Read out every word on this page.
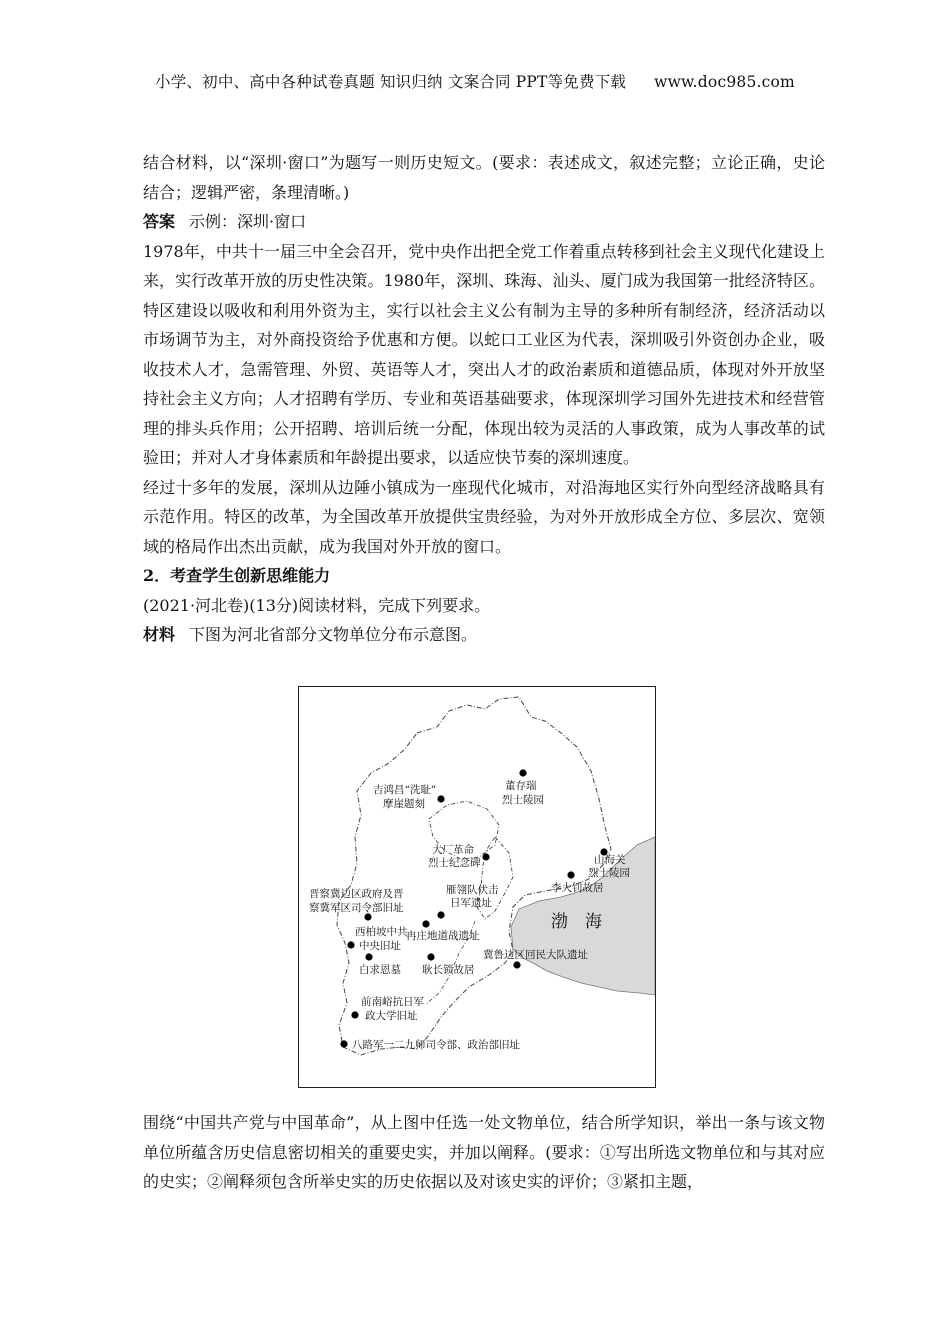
小学、初中、高中各种试卷真题 知识归纳 文案合同 PPT等免费下载 www.doc985.com

结合材料，以“深圳·窗口”为题写一则历史短文。(要求：表述成文，叙述完整；立论正确，史论结合；逻辑严密，条理清晰。)

答案 示例：深圳·窗口

1978年，中共十一届三中全会召开，党中央作出把全党工作着重点转移到社会主义现代化建设上来，实行改革开放的历史性决策。1980年，深圳、珠海、汕头、厦门成为我国第一批经济特区。特区建设以吸收和利用外资为主，实行以社会主义公有制为主导的多种所有制经济，经济活动以市场调节为主，对外商投资给予优惠和方便。以蛇口工业区为代表，深圳吸引外资创办企业，吸收技术人才，急需管理、外贸、英语等人才，突出人才的政治素质和道德品质，体现对外开放坚持社会主义方向；人才招聘有学历、专业和英语基础要求，体现深圳学习国外先进技术和经营管理的排头兵作用；公开招聘、培训后统一分配，体现出较为灵活的人事政策，成为人事改革的试验田；并对人才身体素质和年龄提出要求，以适应快节奏的深圳速度。

经过十多年的发展，深圳从边陲小镇成为一座现代化城市，对沿海地区实行外向型经济战略具有示范作用。特区的改革，为全国改革开放提供宝贵经验，为对外开放形成全方位、多层次、宽领域的格局作出杰出贡献，成为我国对外开放的窗口。

2．考查学生创新思维能力

(2021·河北卷)(13分)阅读材料，完成下列要求。

材料 下图为河北省部分文物单位分布示意图。

渤　海
吉鸿昌“洗耻”
摩崖题刻
董存瑞
烈士陵园
大厂革命
烈士纪念碑	山海关
烈士陵园
李大钊故居
晋察冀边区政府及晋
察冀军区司令部旧址
雁翎队伏击
日军遗址
西柏坡中共
中央旧址
冉庄地道战遗址
白求恩墓 耿长锁故居
冀鲁边区回民大队遗址
前南峪抗日军
政大学旧址
八路军一二九师司令部、政治部旧址

围绕“中国共产党与中国革命”，从上图中任选一处文物单位，结合所学知识，举出一条与该文物单位所蕴含历史信息密切相关的重要史实，并加以阐释。(要求：①写出所选文物单位和与其对应的史实；②阐释须包含所举史实的历史依据以及对该史实的评价；③紧扣主题，
